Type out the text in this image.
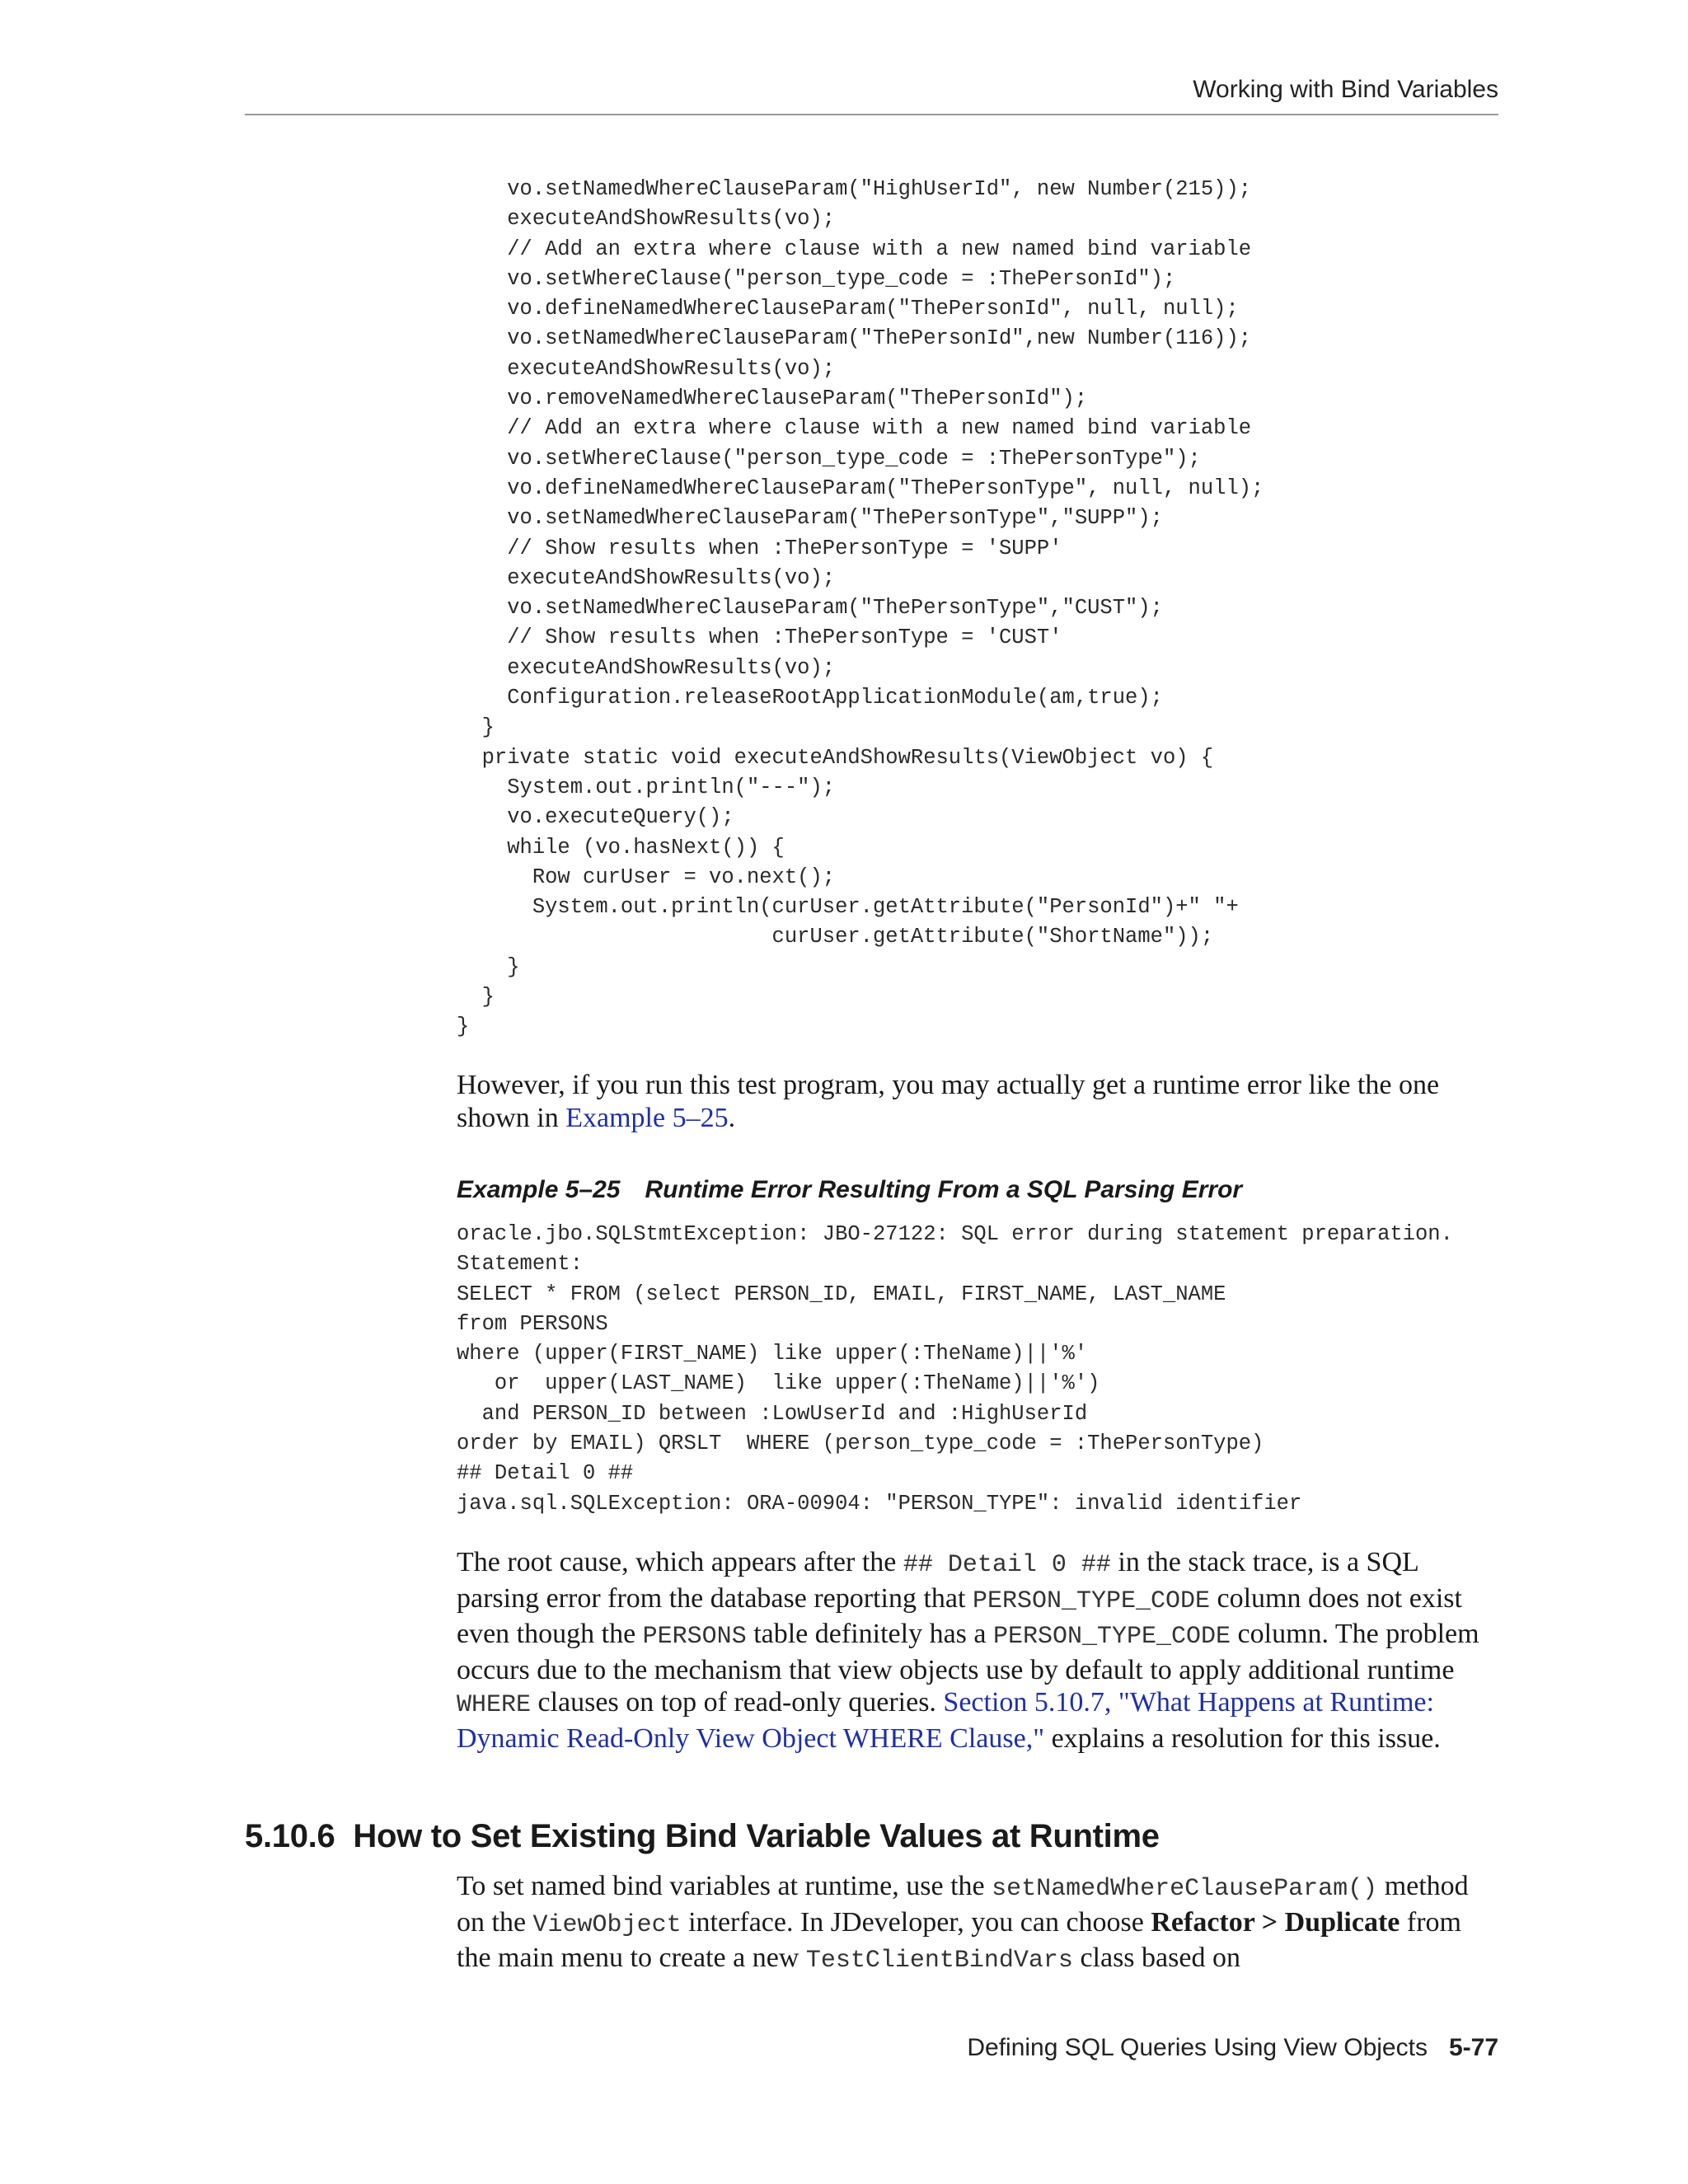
Working with Bind Variables
vo.setNamedWhereClauseParam("HighUserId", new Number(215));
executeAndShowResults(vo);
// Add an extra where clause with a new named bind variable
vo.setWhereClause("person_type_code = :ThePersonId");
vo.defineNamedWhereClauseParam("ThePersonId", null, null);
vo.setNamedWhereClauseParam("ThePersonId",new Number(116));
executeAndShowResults(vo);
vo.removeNamedWhereClauseParam("ThePersonId");
// Add an extra where clause with a new named bind variable
vo.setWhereClause("person_type_code = :ThePersonType");
vo.defineNamedWhereClauseParam("ThePersonType", null, null);
vo.setNamedWhereClauseParam("ThePersonType","SUPP");
// Show results when :ThePersonType = 'SUPP'
executeAndShowResults(vo);
vo.setNamedWhereClauseParam("ThePersonType","CUST");
// Show results when :ThePersonType = 'CUST'
executeAndShowResults(vo);
Configuration.releaseRootApplicationModule(am,true);
}
private static void executeAndShowResults(ViewObject vo) {
System.out.println("---");
vo.executeQuery();
while (vo.hasNext()) {
Row curUser = vo.next();
System.out.println(curUser.getAttribute("PersonId")+" "+
curUser.getAttribute("ShortName"));
}
}
}
However, if you run this test program, you may actually get a runtime error like the one shown in Example 5–25.
Example 5–25 Runtime Error Resulting From a SQL Parsing Error
oracle.jbo.SQLStmtException: JBO-27122: SQL error during statement preparation.
Statement:
SELECT * FROM (select PERSON_ID, EMAIL, FIRST_NAME, LAST_NAME
from PERSONS
where (upper(FIRST_NAME) like upper(:TheName)||'%'
or  upper(LAST_NAME)  like upper(:TheName)||'%')
and PERSON_ID between :LowUserId and :HighUserId
order by EMAIL) QRSLT  WHERE (person_type_code = :ThePersonType)
## Detail 0 ##
java.sql.SQLException: ORA-00904: "PERSON_TYPE": invalid identifier
The root cause, which appears after the ## Detail 0 ## in the stack trace, is a SQL parsing error from the database reporting that PERSON_TYPE_CODE column does not exist even though the PERSONS table definitely has a PERSON_TYPE_CODE column. The problem occurs due to the mechanism that view objects use by default to apply additional runtime WHERE clauses on top of read-only queries. Section 5.10.7, "What Happens at Runtime: Dynamic Read-Only View Object WHERE Clause," explains a resolution for this issue.
5.10.6 How to Set Existing Bind Variable Values at Runtime
To set named bind variables at runtime, use the setNamedWhereClauseParam() method on the ViewObject interface. In JDeveloper, you can choose Refactor > Duplicate from the main menu to create a new TestClientBindVars class based on
Defining SQL Queries Using View Objects 5-77
